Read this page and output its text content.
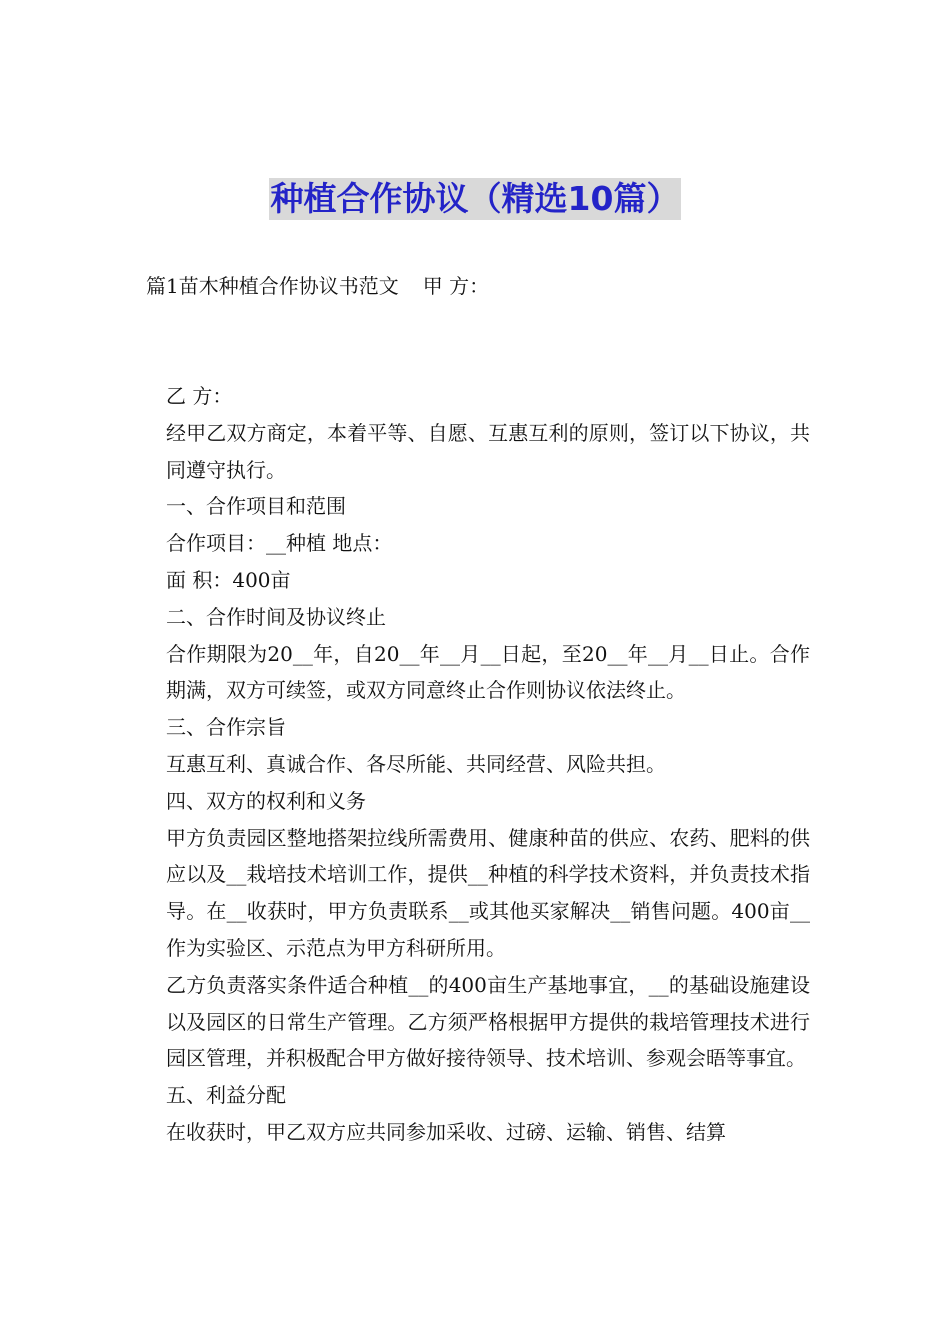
种植合作协议（精选10篇）
篇1苗木种植合作协议书范文 甲 方：

乙 方：

经甲乙双方商定，本着平等、自愿、互惠互利的原则，签订以下协议，共同遵守执行。

一、合作项目和范围

合作项目：__种植 地点：

面 积：400亩

二、合作时间及协议终止

合作期限为20__年，自20__年__月__日起，至20__年__月__日止。合作期满，双方可续签，或双方同意终止合作则协议依法终止。

三、合作宗旨

互惠互利、真诚合作、各尽所能、共同经营、风险共担。

四、双方的权利和义务

甲方负责园区整地搭架拉线所需费用、健康种苗的供应、农药、肥料的供应以及__栽培技术培训工作，提供__种植的科学技术资料，并负责技术指导。在__收获时，甲方负责联系__或其他买家解决__销售问题。400亩__作为实验区、示范点为甲方科研所用。

乙方负责落实条件适合种植__的400亩生产基地事宜，__的基础设施建设以及园区的日常生产管理。乙方须严格根据甲方提供的栽培管理技术进行园区管理，并积极配合甲方做好接待领导、技术培训、参观会晤等事宜。

五、利益分配

在收获时，甲乙双方应共同参加采收、过磅、运输、销售、结算
